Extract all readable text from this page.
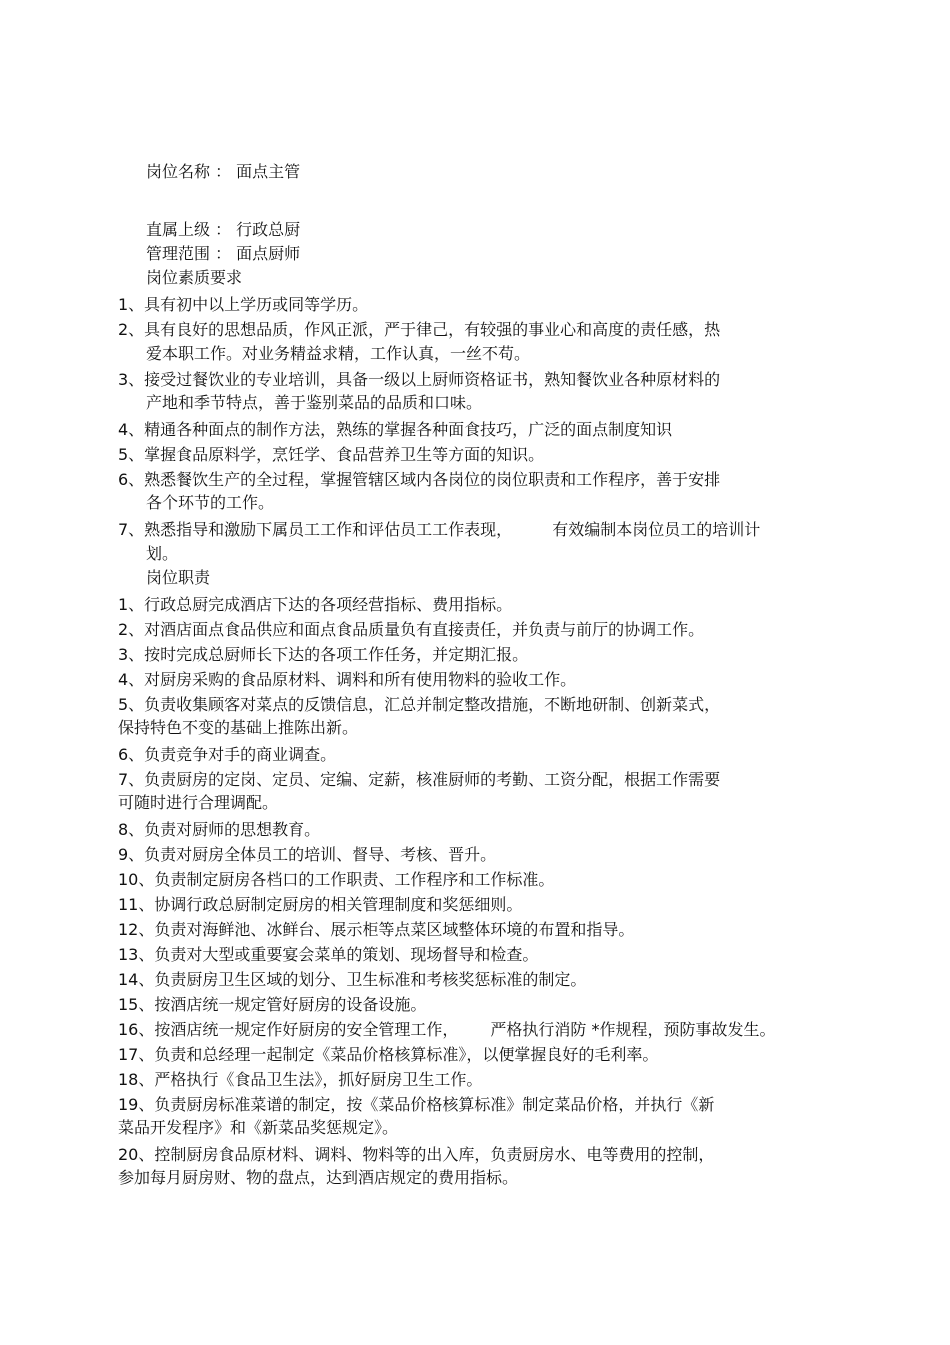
岗位名称 ： 面点主管
直属上级 ： 行政总厨
管理范围 ： 面点厨师
岗位素质要求
1、具有初中以上学历或同等学历。
2、具有良好的思想品质，作风正派，严于律己，有较强的事业心和高度的责任感，热
爱本职工作。对业务精益求精，工作认真，一丝不苟。
3、接受过餐饮业的专业培训，具备一级以上厨师资格证书，熟知餐饮业各种原材料的
产地和季节特点，善于鉴别菜品的品质和口味。
4、精通各种面点的制作方法，熟练的掌握各种面食技巧，广泛的面点制度知识
5、掌握食品原料学，烹饪学、食品营养卫生等方面的知识。
6、熟悉餐饮生产的全过程，掌握管辖区域内各岗位的岗位职责和工作程序，善于安排
各个环节的工作。
7、熟悉指导和激励下属员工工作和评估员工工作表现，	有效编制本岗位员工的培训计
划。
岗位职责
1、行政总厨完成酒店下达的各项经营指标、费用指标。
2、对酒店面点食品供应和面点食品质量负有直接责任，并负责与前厅的协调工作。
3、按时完成总厨师长下达的各项工作任务，并定期汇报。
4、对厨房采购的食品原材料、调料和所有使用物料的验收工作。
5、负责收集顾客对菜点的反馈信息，汇总并制定整改措施，不断地研制、创新菜式，
保持特色不变的基础上推陈出新。
6、负责竞争对手的商业调查。
7、负责厨房的定岗、定员、定编、定薪，核准厨师的考勤、工资分配，根据工作需要
可随时进行合理调配。
8、负责对厨师的思想教育。
9、负责对厨房全体员工的培训、督导、考核、晋升。
10、负责制定厨房各档口的工作职责、工作程序和工作标准。
11、协调行政总厨制定厨房的相关管理制度和奖惩细则。
12、负责对海鲜池、冰鲜台、展示柜等点菜区域整体环境的布置和指导。
13、负责对大型或重要宴会菜单的策划、现场督导和检查。
14、负责厨房卫生区域的划分、卫生标准和考核奖惩标准的制定。
15、按酒店统一规定管好厨房的设备设施。
16、按酒店统一规定作好厨房的安全管理工作， 严格执行消防 *作规程，预防事故发生。
17、负责和总经理一起制定《菜品价格核算标准》，以便掌握良好的毛利率。
18、严格执行《食品卫生法》，抓好厨房卫生工作。
19、负责厨房标准菜谱的制定，按《菜品价格核算标准》制定菜品价格，并执行《新
菜品开发程序》和《新菜品奖惩规定》。
20、控制厨房食品原材料、调料、物料等的出入库，负责厨房水、电等费用的控制，
参加每月厨房财、物的盘点，达到酒店规定的费用指标。
